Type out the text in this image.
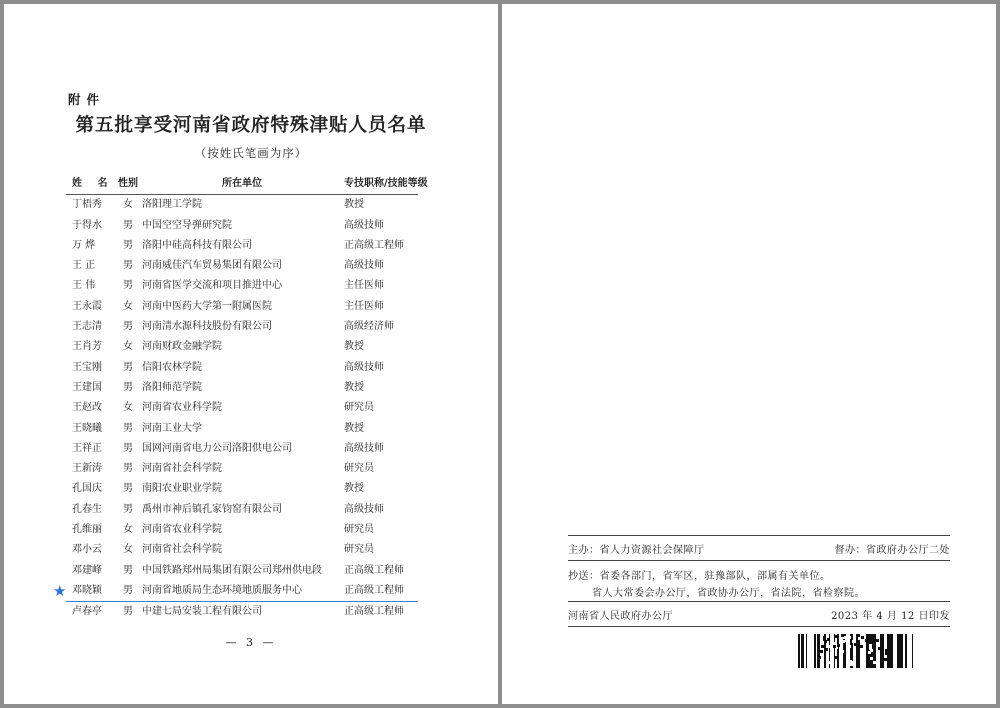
附件
第五批享受河南省政府特殊津贴人员名单
（按姓氏笔画为序）
姓 名 性别	所在单位	专技职称/技能等级
丁梧秀	女 洛阳理工学院	教授
于得水	男 中国空空导弹研究院	高级技师
万 烨	男 洛阳中硅高科技有限公司	正高级工程师
王 正	男 河南威佳汽车贸易集团有限公司	高级技师
王 伟	男 河南省医学交流和项目推进中心	主任医师
王永霞	女 河南中医药大学第一附属医院	主任医师
王志清	男 河南清水源科技股份有限公司	高级经济师
王肖芳	女 河南财政金融学院	教授
王宝刚	男 信阳农林学院	高级技师
王建国	男 洛阳师范学院	教授
王赵改	女 河南省农业科学院	研究员
王晓曦	男 河南工业大学	教授
王祥正	男 国网河南省电力公司洛阳供电公司	高级技师
王新涛	男 河南省社会科学院	研究员
孔国庆	男 南阳农业职业学院	教授
孔春生	男 禹州市神后镇孔家钧窑有限公司	高级技师
孔维丽	女 河南省农业科学院	研究员
邓小云	女 河南省社会科学院	研究员
邓建峰	男 中国铁路郑州局集团有限公司郑州供电段	正高级工程师
★ 邓晓颖	男 河南省地质局生态环境地质服务中心	正高级工程师
卢春亭	男 中建七局安装工程有限公司	正高级工程师
— 3 —
主办：省人力资源社会保障厅	督办：省政府办公厅二处
抄送：省委各部门，省军区，驻豫部队，部属有关单位。
省人大常委会办公厅，省政协办公厅，省法院，省检察院。
河南省人民政府办公厅	2023 年 4 月 12 日印发
